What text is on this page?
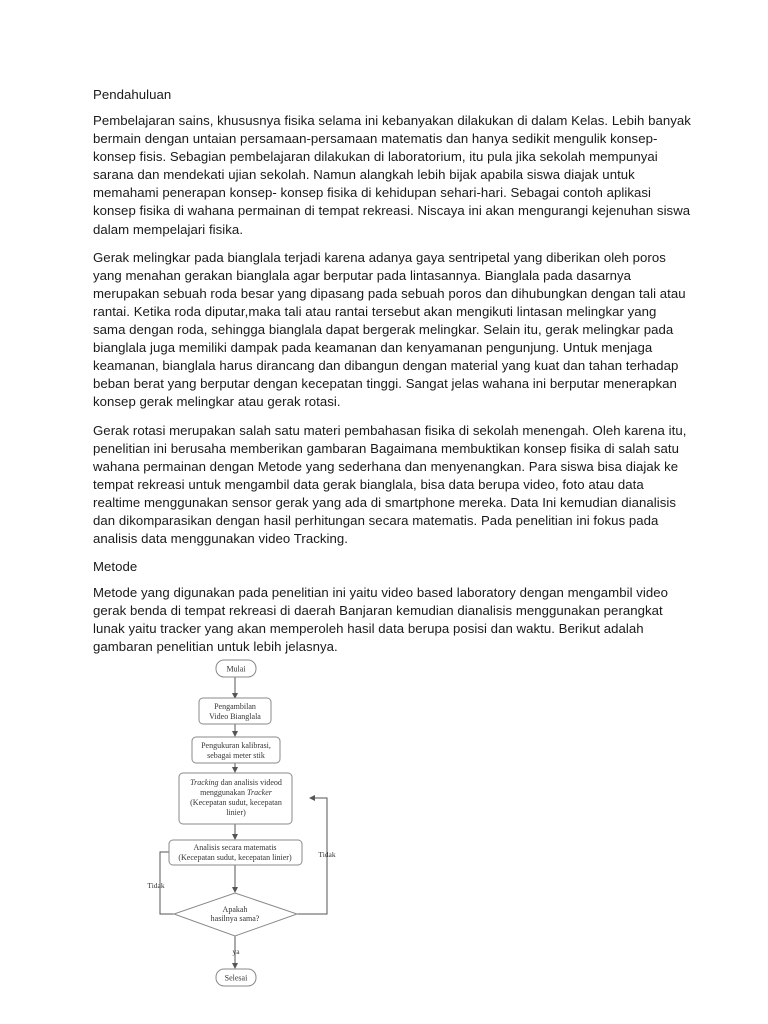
Pendahuluan
Pembelajaran sains, khususnya fisika selama ini kebanyakan dilakukan di dalam Kelas. Lebih banyak
bermain dengan untaian persamaan-persamaan matematis dan hanya sedikit mengulik konsep-
konsep fisis. Sebagian pembelajaran dilakukan di laboratorium, itu pula jika sekolah mempunyai
sarana dan mendekati ujian sekolah. Namun alangkah lebih bijak apabila siswa diajak untuk
memahami penerapan konsep- konsep fisika di kehidupan sehari-hari. Sebagai contoh aplikasi
konsep fisika di wahana permainan di tempat rekreasi. Niscaya ini akan mengurangi kejenuhan siswa
dalam mempelajari fisika.
Gerak melingkar pada bianglala terjadi karena adanya gaya sentripetal yang diberikan oleh poros
yang menahan gerakan bianglala agar berputar pada lintasannya. Bianglala pada dasarnya
merupakan sebuah roda besar yang dipasang pada sebuah poros dan dihubungkan dengan tali atau
rantai. Ketika roda diputar,maka tali atau rantai tersebut akan mengikuti lintasan melingkar yang
sama dengan roda, sehingga bianglala dapat bergerak melingkar. Selain itu, gerak melingkar pada
bianglala juga memiliki dampak pada keamanan dan kenyamanan pengunjung. Untuk menjaga
keamanan, bianglala harus dirancang dan dibangun dengan material yang kuat dan tahan terhadap
beban berat yang berputar dengan kecepatan tinggi. Sangat jelas wahana ini berputar menerapkan
konsep gerak melingkar atau gerak rotasi.
Gerak rotasi merupakan salah satu materi pembahasan fisika di sekolah menengah. Oleh karena itu,
penelitian ini berusaha memberikan gambaran Bagaimana membuktikan konsep fisika di salah satu
wahana permainan dengan Metode yang sederhana dan menyenangkan. Para siswa bisa diajak ke
tempat rekreasi untuk mengambil data gerak bianglala, bisa data berupa video, foto atau data
realtime menggunakan sensor gerak yang ada di smartphone mereka. Data Ini kemudian dianalisis
dan dikomparasikan dengan hasil perhitungan secara matematis. Pada penelitian ini fokus pada
analisis data menggunakan video Tracking.
Metode
Metode yang digunakan pada penelitian ini yaitu video based laboratory dengan mengambil video
gerak benda di tempat rekreasi di daerah Banjaran kemudian dianalisis menggunakan perangkat
lunak yaitu tracker yang akan memperoleh hasil data berupa posisi dan waktu. Berikut adalah
gambaran penelitian untuk lebih jelasnya.
Mulai
Pengambilan
Video Bianglala
Pengukuran kalibrasi,
sebagai meter stik
Tracking dan analisis videod
menggunakan Tracker
(Kecepatan sudut, kecepatan
linier)
Analisis secara matematis
(Kecepatan sudut, kecepatan linier)
Apakah
hasilnya sama?
Tidak
Tidak
ya
Selesai
